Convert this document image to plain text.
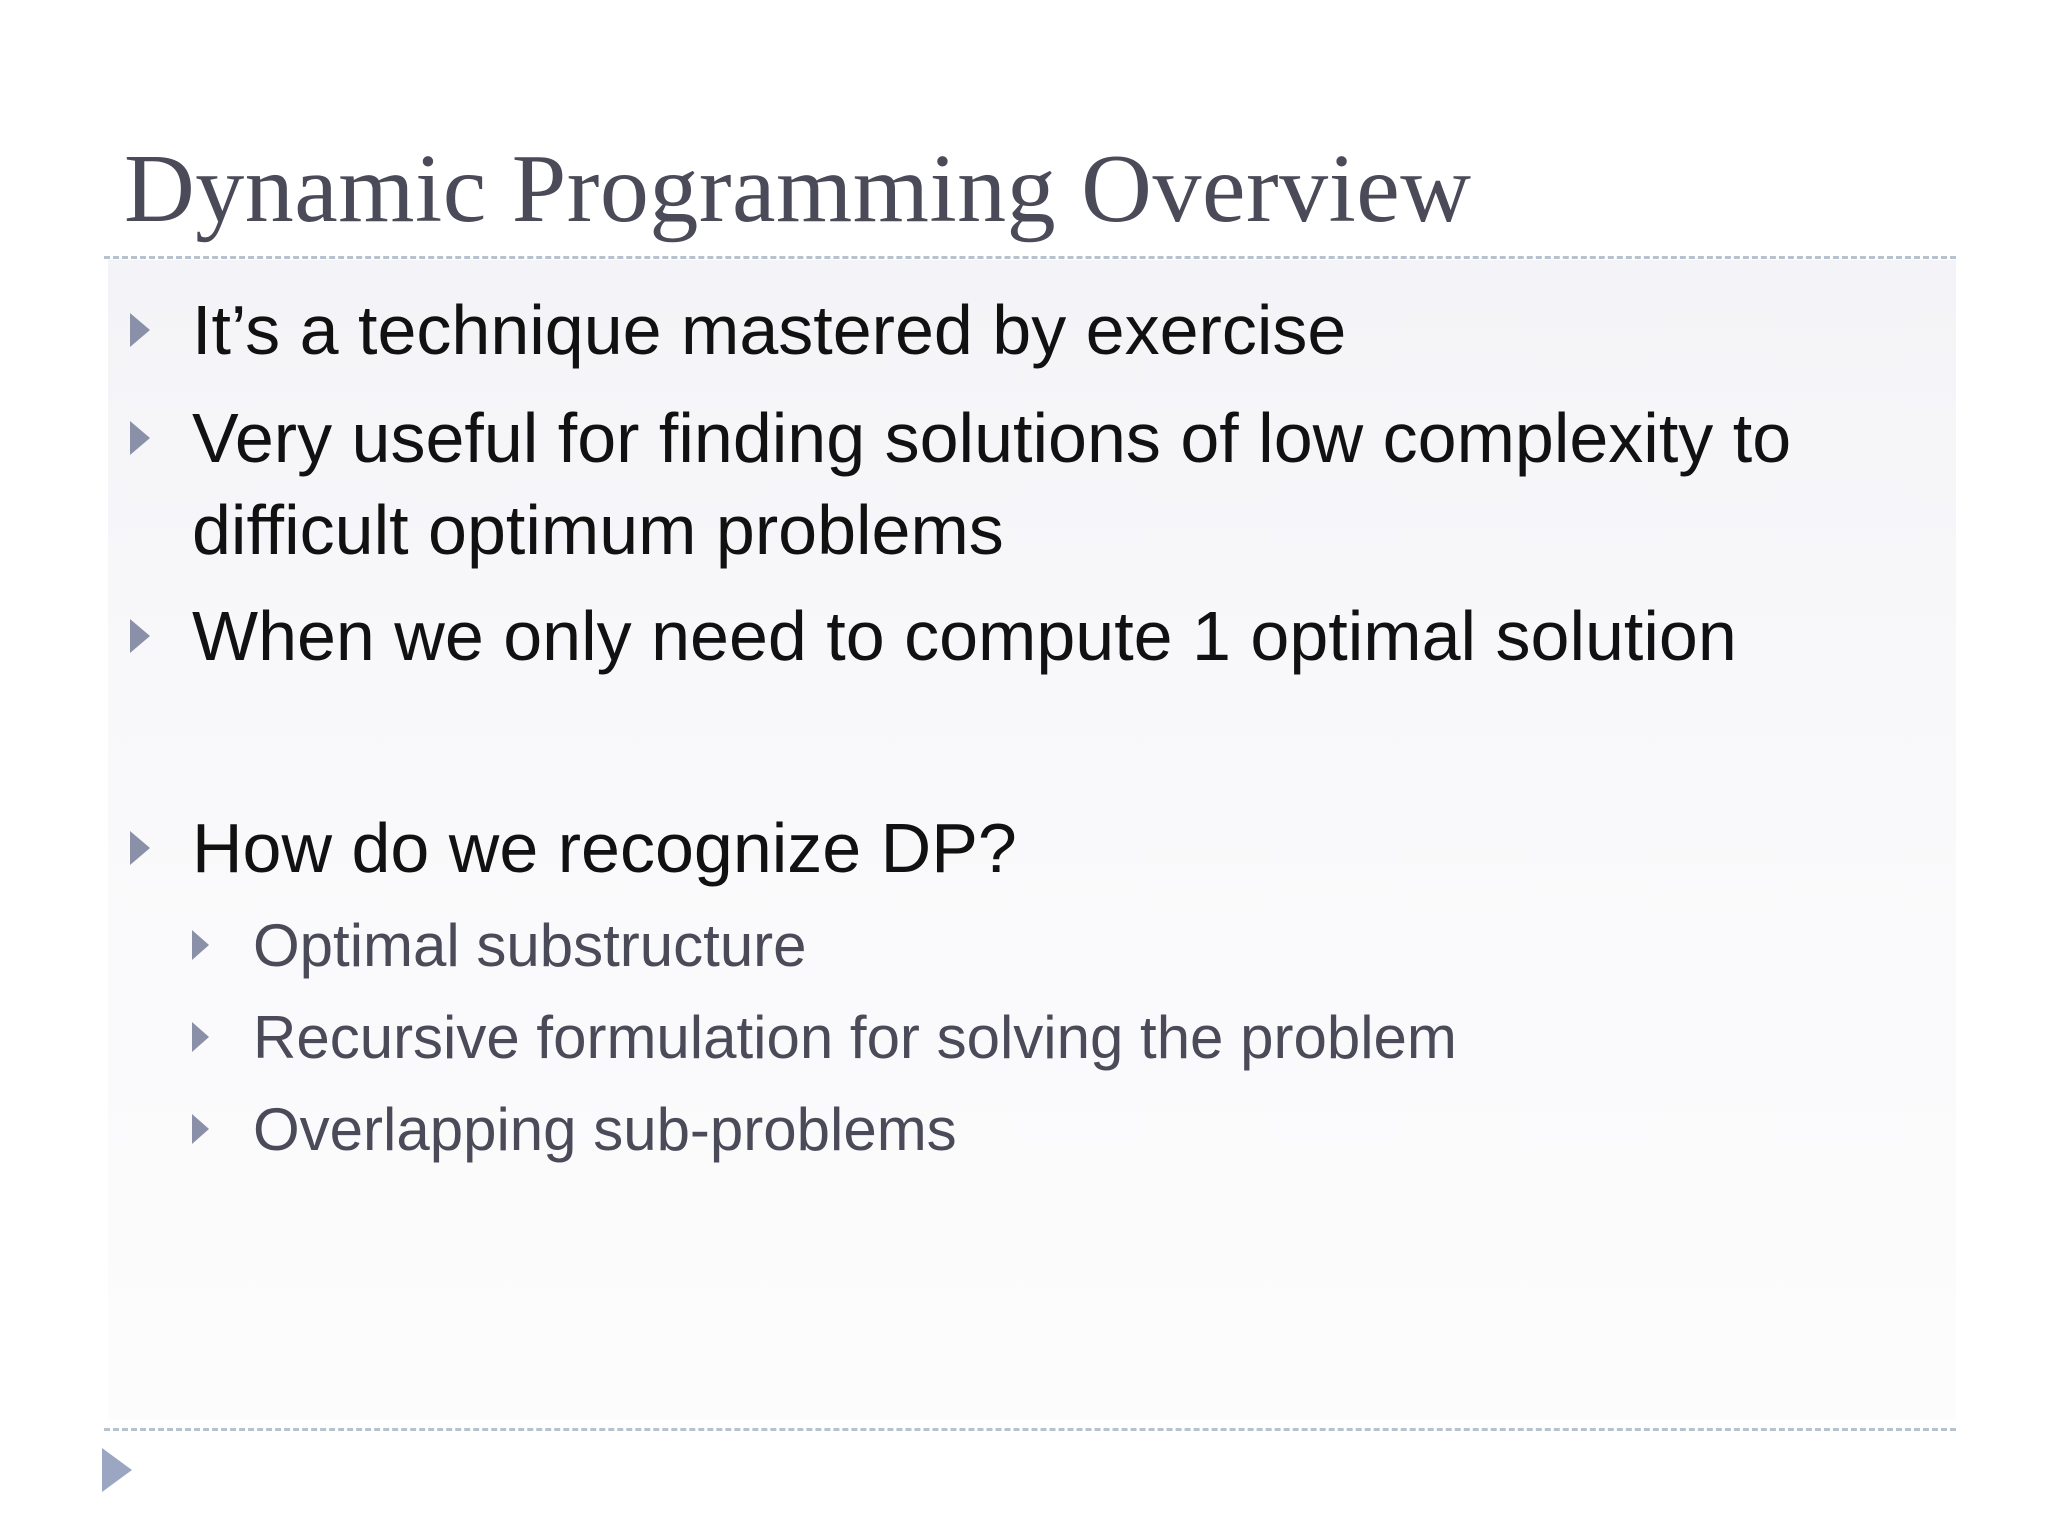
Dynamic Programming Overview
It’s a technique mastered by exercise
Very useful for finding solutions of low complexity to difficult optimum problems
When we only need to compute 1 optimal solution
How do we recognize DP?
Optimal substructure
Recursive formulation for solving the problem
Overlapping sub-problems
